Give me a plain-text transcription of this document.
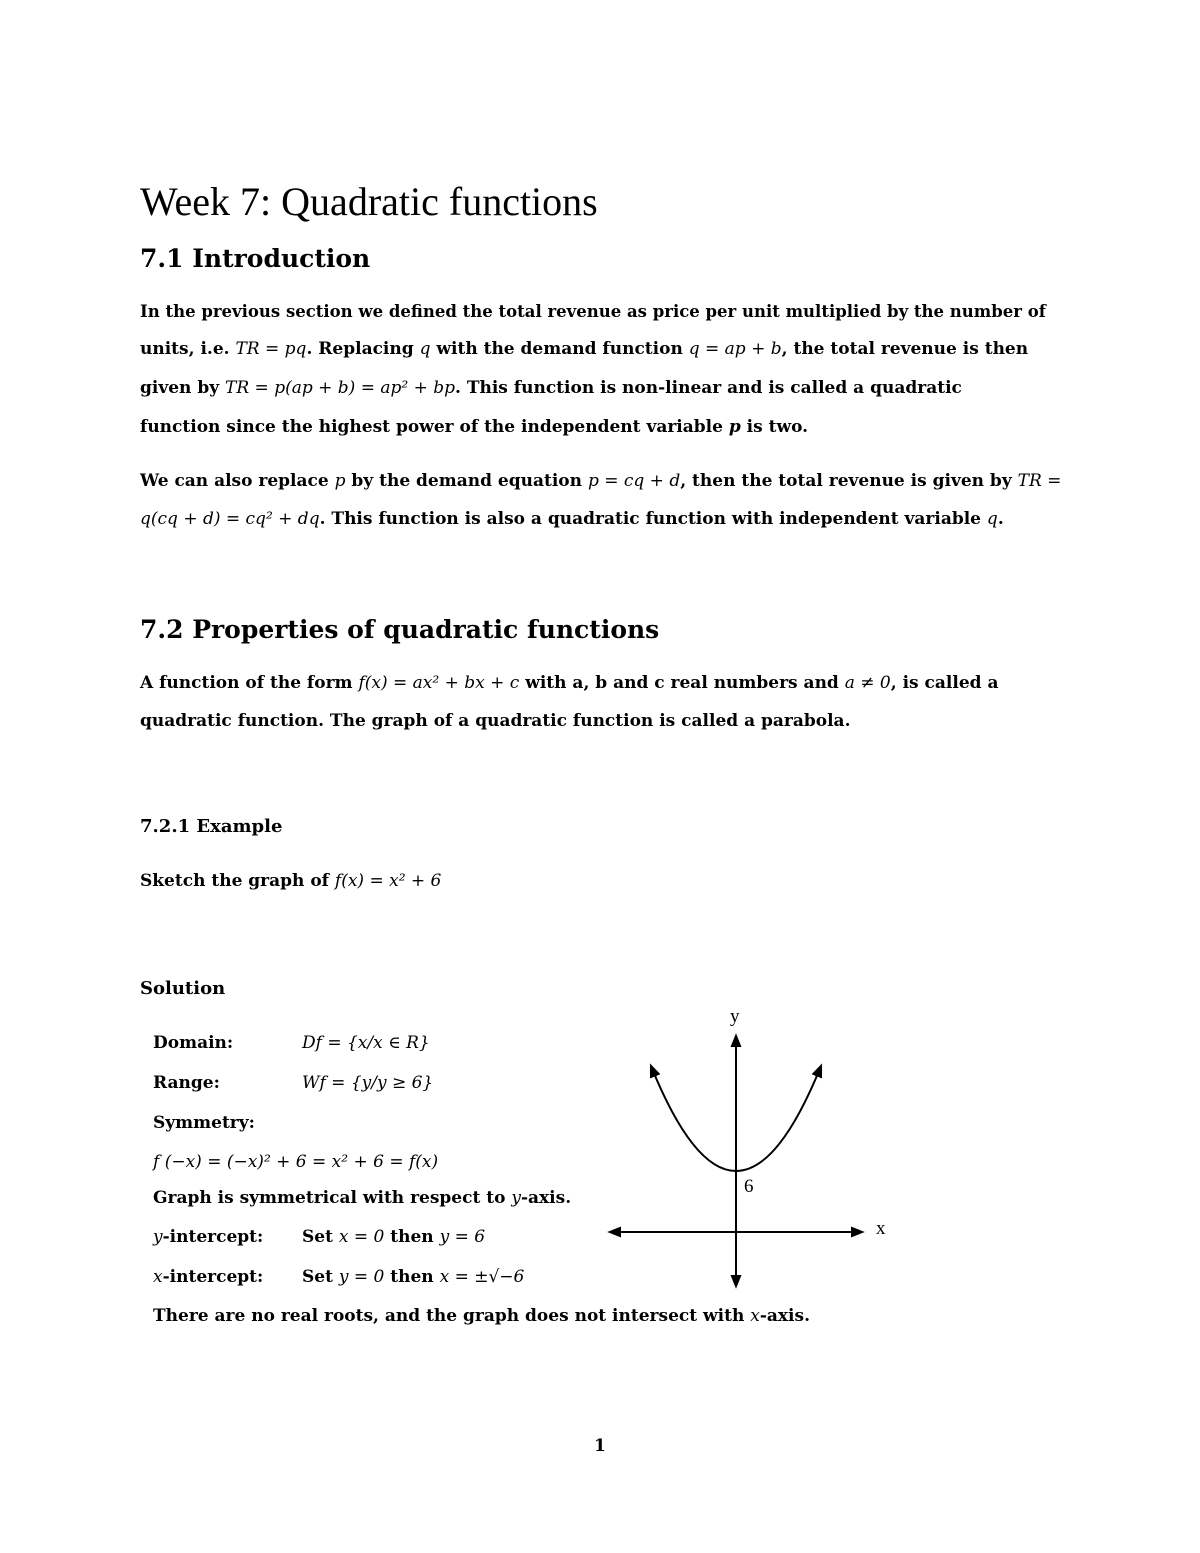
Week 7: Quadratic functions
7.1 Introduction
In the previous section we defined the total revenue as price per unit multiplied by the number of
units, i.e. TR = pq. Replacing q with the demand function q = ap + b, the total revenue is then
given by TR = p(ap + b) = ap² + bp. This function is non-linear and is called a quadratic
function since the highest power of the independent variable p is two.
We can also replace p by the demand equation p = cq + d, then the total revenue is given by TR =
q(cq + d) = cq² + dq. This function is also a quadratic function with independent variable q.
7.2 Properties of quadratic functions
A function of the form f(x) = ax² + bx + c with a, b and c real numbers and a ≠ 0, is called a
quadratic function. The graph of a quadratic function is called a parabola.
7.2.1 Example
Sketch the graph of f(x) = x² + 6
Solution
Domain:	Df = {x/x ∈ R}
Range:	Wf = {y/y ≥ 6}
Symmetry:
f (−x) = (−x)² + 6 = x² + 6 = f(x)
Graph is symmetrical with respect to y-axis.
y-intercept: Set x = 0 then y = 6
x-intercept: Set y = 0 then x = ±√−6
There are no real roots, and the graph does not intersect with x-axis.
y
x
6
1
